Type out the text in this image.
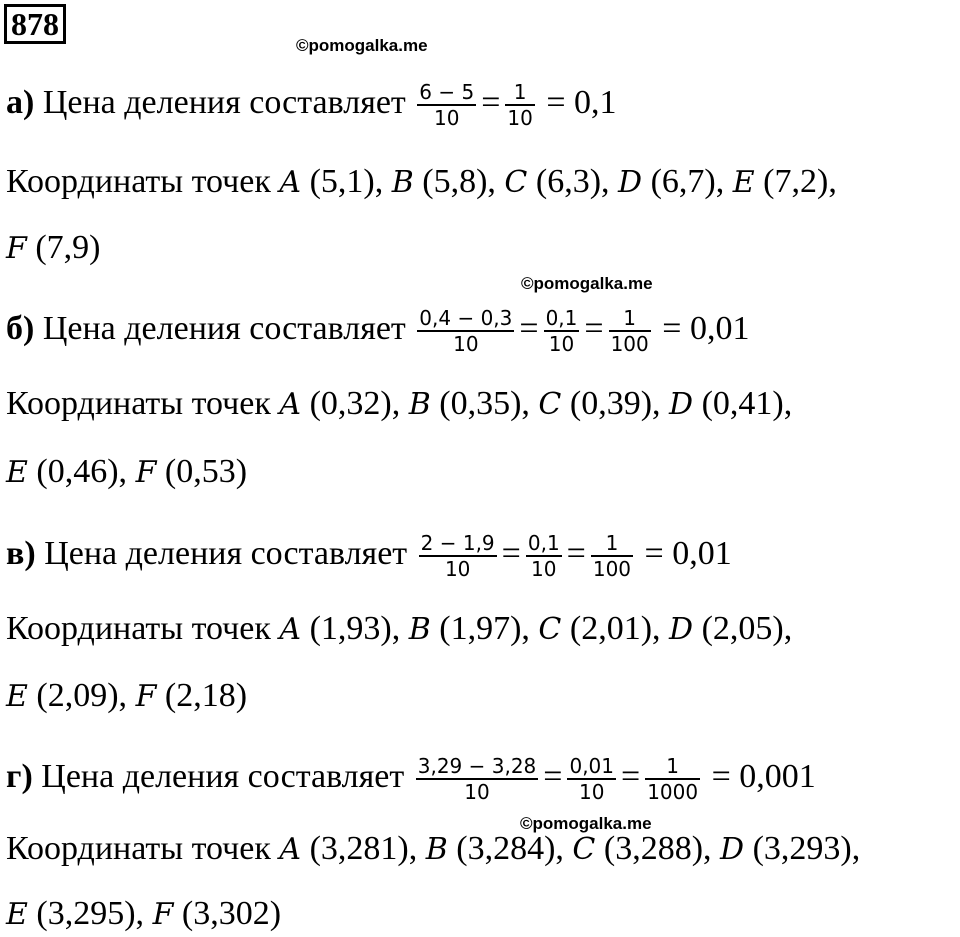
878
©pomogalka.me
©pomogalka.me
©pomogalka.me
а) Цена деления составляет $\frac{6 - 5}{10} = \frac{1}{10} = 0,1$
Координаты точек A (5,1), B (5,8), C (6,3), D (6,7), E (7,2),
F (7,9)
б) Цена деления составляет $\frac{0,4 - 0,3}{10} = \frac{0,1}{10} = \frac{1}{100} = 0,01$
Координаты точек A (0,32), B (0,35), C (0,39), D (0,41),
E (0,46), F (0,53)
в) Цена деления составляет $\frac{2 - 1,9}{10} = \frac{0,1}{10} = \frac{1}{100} = 0,01$
Координаты точек A (1,93), B (1,97), C (2,01), D (2,05),
E (2,09), F (2,18)
г) Цена деления составляет $\frac{3,29 - 3,28}{10} = \frac{0,01}{10} = \frac{1}{1000} = 0,001$
Координаты точек A (3,281), B (3,284), C (3,288), D (3,293),
E (3,295), F (3,302)
